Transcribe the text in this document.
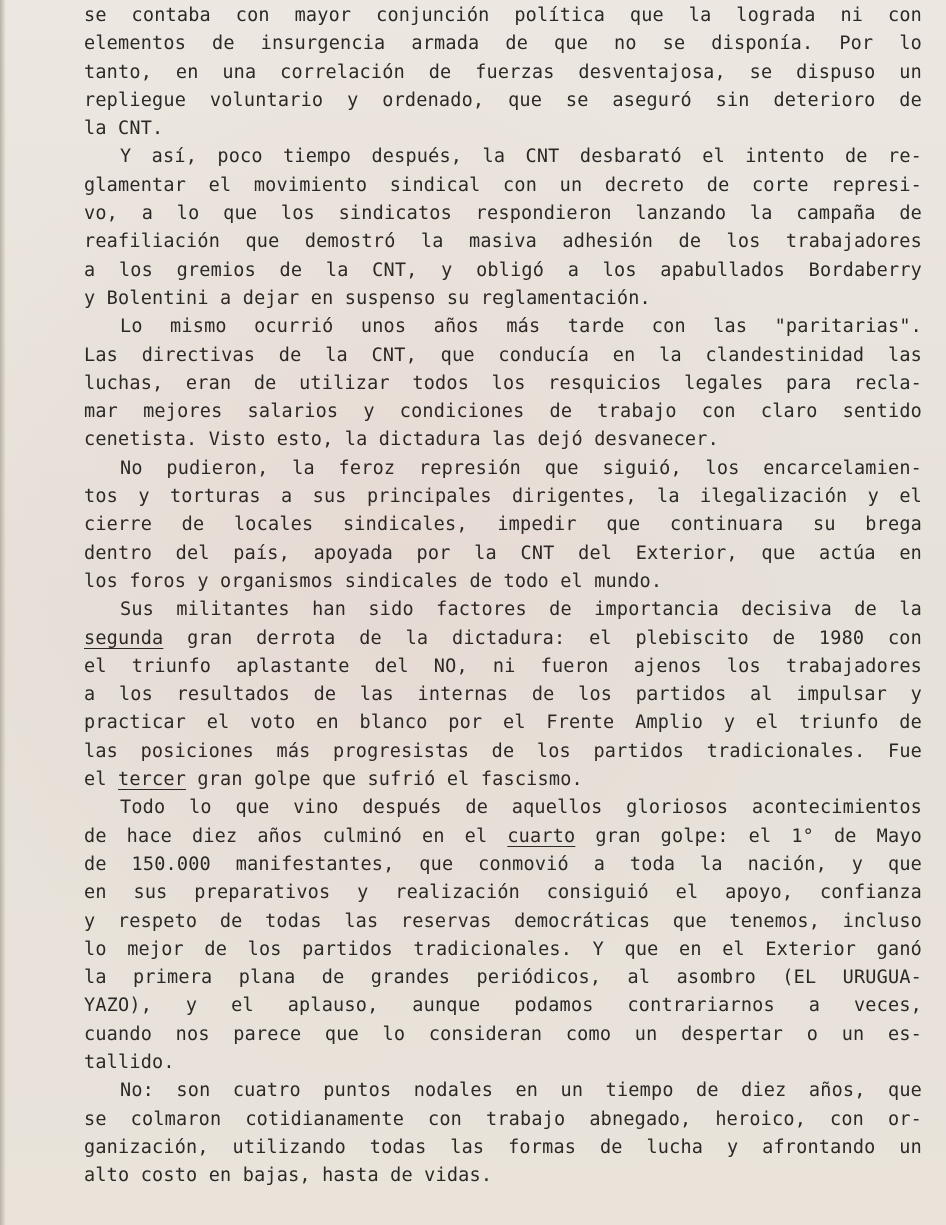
se contaba con mayor conjunción política que la lograda ni con
elementos de insurgencia armada de que no se disponía. Por lo
tanto, en una correlación de fuerzas desventajosa, se dispuso un
repliegue voluntario y ordenado, que se aseguró sin deterioro de
la CNT.
Y así, poco tiempo después, la CNT desbarató el intento de re-
glamentar el movimiento sindical con un decreto de corte represi-
vo, a lo que los sindicatos respondieron lanzando la campaña de
reafiliación que demostró la masiva adhesión de los trabajadores
a los gremios de la CNT, y obligó a los apabullados Bordaberry
y Bolentini a dejar en suspenso su reglamentación.
Lo mismo ocurrió unos años más tarde con las "paritarias".
Las directivas de la CNT, que conducía en la clandestinidad las
luchas, eran de utilizar todos los resquicios legales para recla-
mar mejores salarios y condiciones de trabajo con claro sentido
cenetista. Visto esto, la dictadura las dejó desvanecer.
No pudieron, la feroz represión que siguió, los encarcelamien-
tos y torturas a sus principales dirigentes, la ilegalización y el
cierre de locales sindicales, impedir que continuara su brega
dentro del país, apoyada por la CNT del Exterior, que actúa en
los foros y organismos sindicales de todo el mundo.
Sus militantes han sido factores de importancia decisiva de la
segunda gran derrota de la dictadura: el plebiscito de 1980 con
el triunfo aplastante del NO, ni fueron ajenos los trabajadores
a los resultados de las internas de los partidos al impulsar y
practicar el voto en blanco por el Frente Amplio y el triunfo de
las posiciones más progresistas de los partidos tradicionales. Fue
el tercer gran golpe que sufrió el fascismo.
Todo lo que vino después de aquellos gloriosos acontecimientos
de hace diez años culminó en el cuarto gran golpe: el 1° de Mayo
de 150.000 manifestantes, que conmovió a toda la nación, y que
en sus preparativos y realización consiguió el apoyo, confianza
y respeto de todas las reservas democráticas que tenemos, incluso
lo mejor de los partidos tradicionales. Y que en el Exterior ganó
la primera plana de grandes periódicos, al asombro (EL URUGUA-
YAZO), y el aplauso, aunque podamos contrariarnos a veces,
cuando nos parece que lo consideran como un despertar o un es-
tallido.
No: son cuatro puntos nodales en un tiempo de diez años, que
se colmaron cotidianamente con trabajo abnegado, heroico, con or-
ganización, utilizando todas las formas de lucha y afrontando un
alto costo en bajas, hasta de vidas.
